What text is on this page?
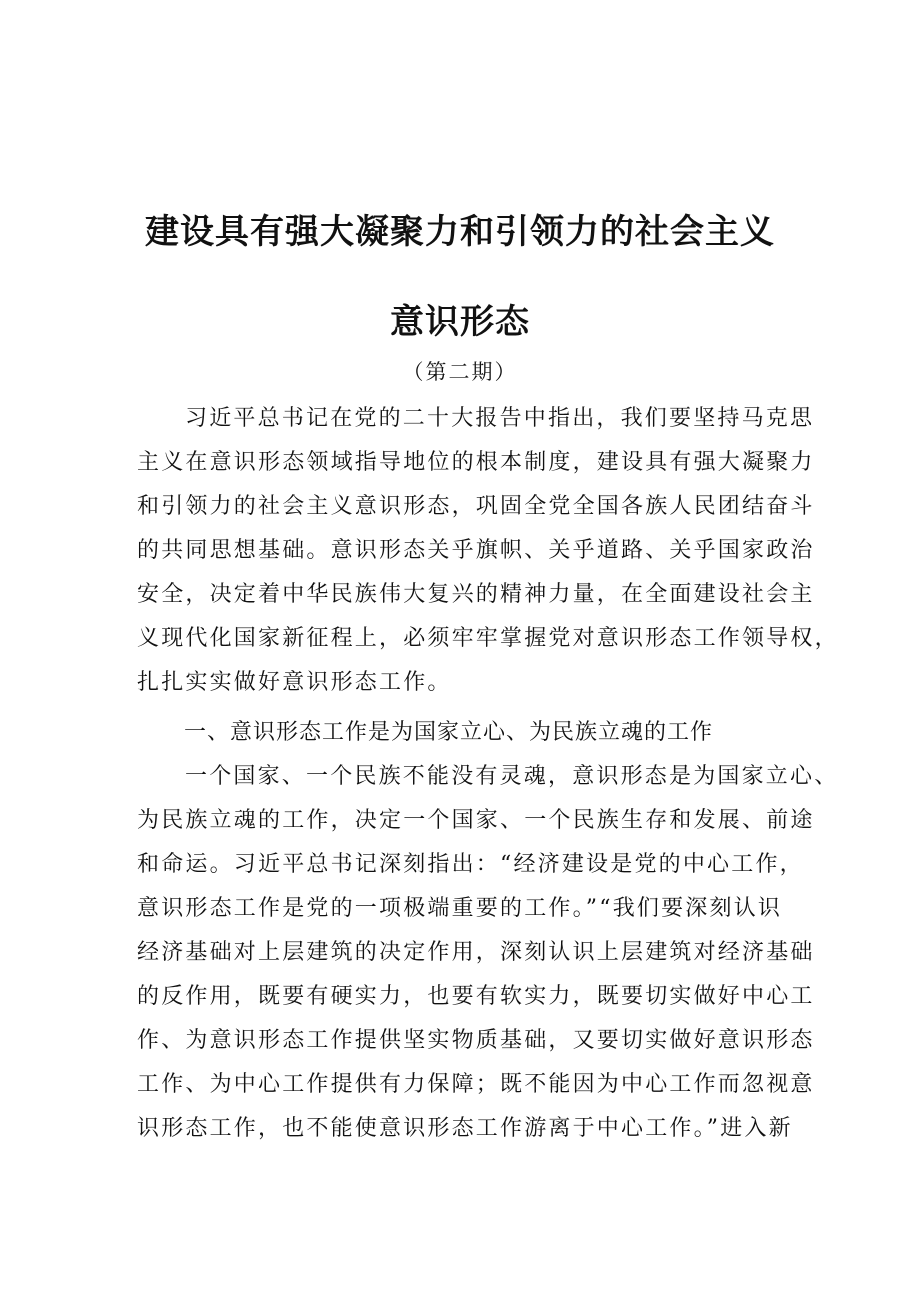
建设具有强大凝聚力和引领力的社会主义
意识形态
（第二期）
习近平总书记在党的二十大报告中指出，我们要坚持马克思
主义在意识形态领域指导地位的根本制度，建设具有强大凝聚力
和引领力的社会主义意识形态，巩固全党全国各族人民团结奋斗
的共同思想基础。意识形态关乎旗帜、关乎道路、关乎国家政治
安全，决定着中华民族伟大复兴的精神力量，在全面建设社会主
义现代化国家新征程上，必须牢牢掌握党对意识形态工作领导权，
扎扎实实做好意识形态工作。
一、意识形态工作是为国家立心、为民族立魂的工作
一个国家、一个民族不能没有灵魂，意识形态是为国家立心、
为民族立魂的工作，决定一个国家、一个民族生存和发展、前途
和命运。习近平总书记深刻指出：“经济建设是党的中心工作，
意识形态工作是党的一项极端重要的工作。”“我们要深刻认识
经济基础对上层建筑的决定作用，深刻认识上层建筑对经济基础
的反作用，既要有硬实力，也要有软实力，既要切实做好中心工
作、为意识形态工作提供坚实物质基础，又要切实做好意识形态
工作、为中心工作提供有力保障；既不能因为中心工作而忽视意
识形态工作，也不能使意识形态工作游离于中心工作。”进入新
